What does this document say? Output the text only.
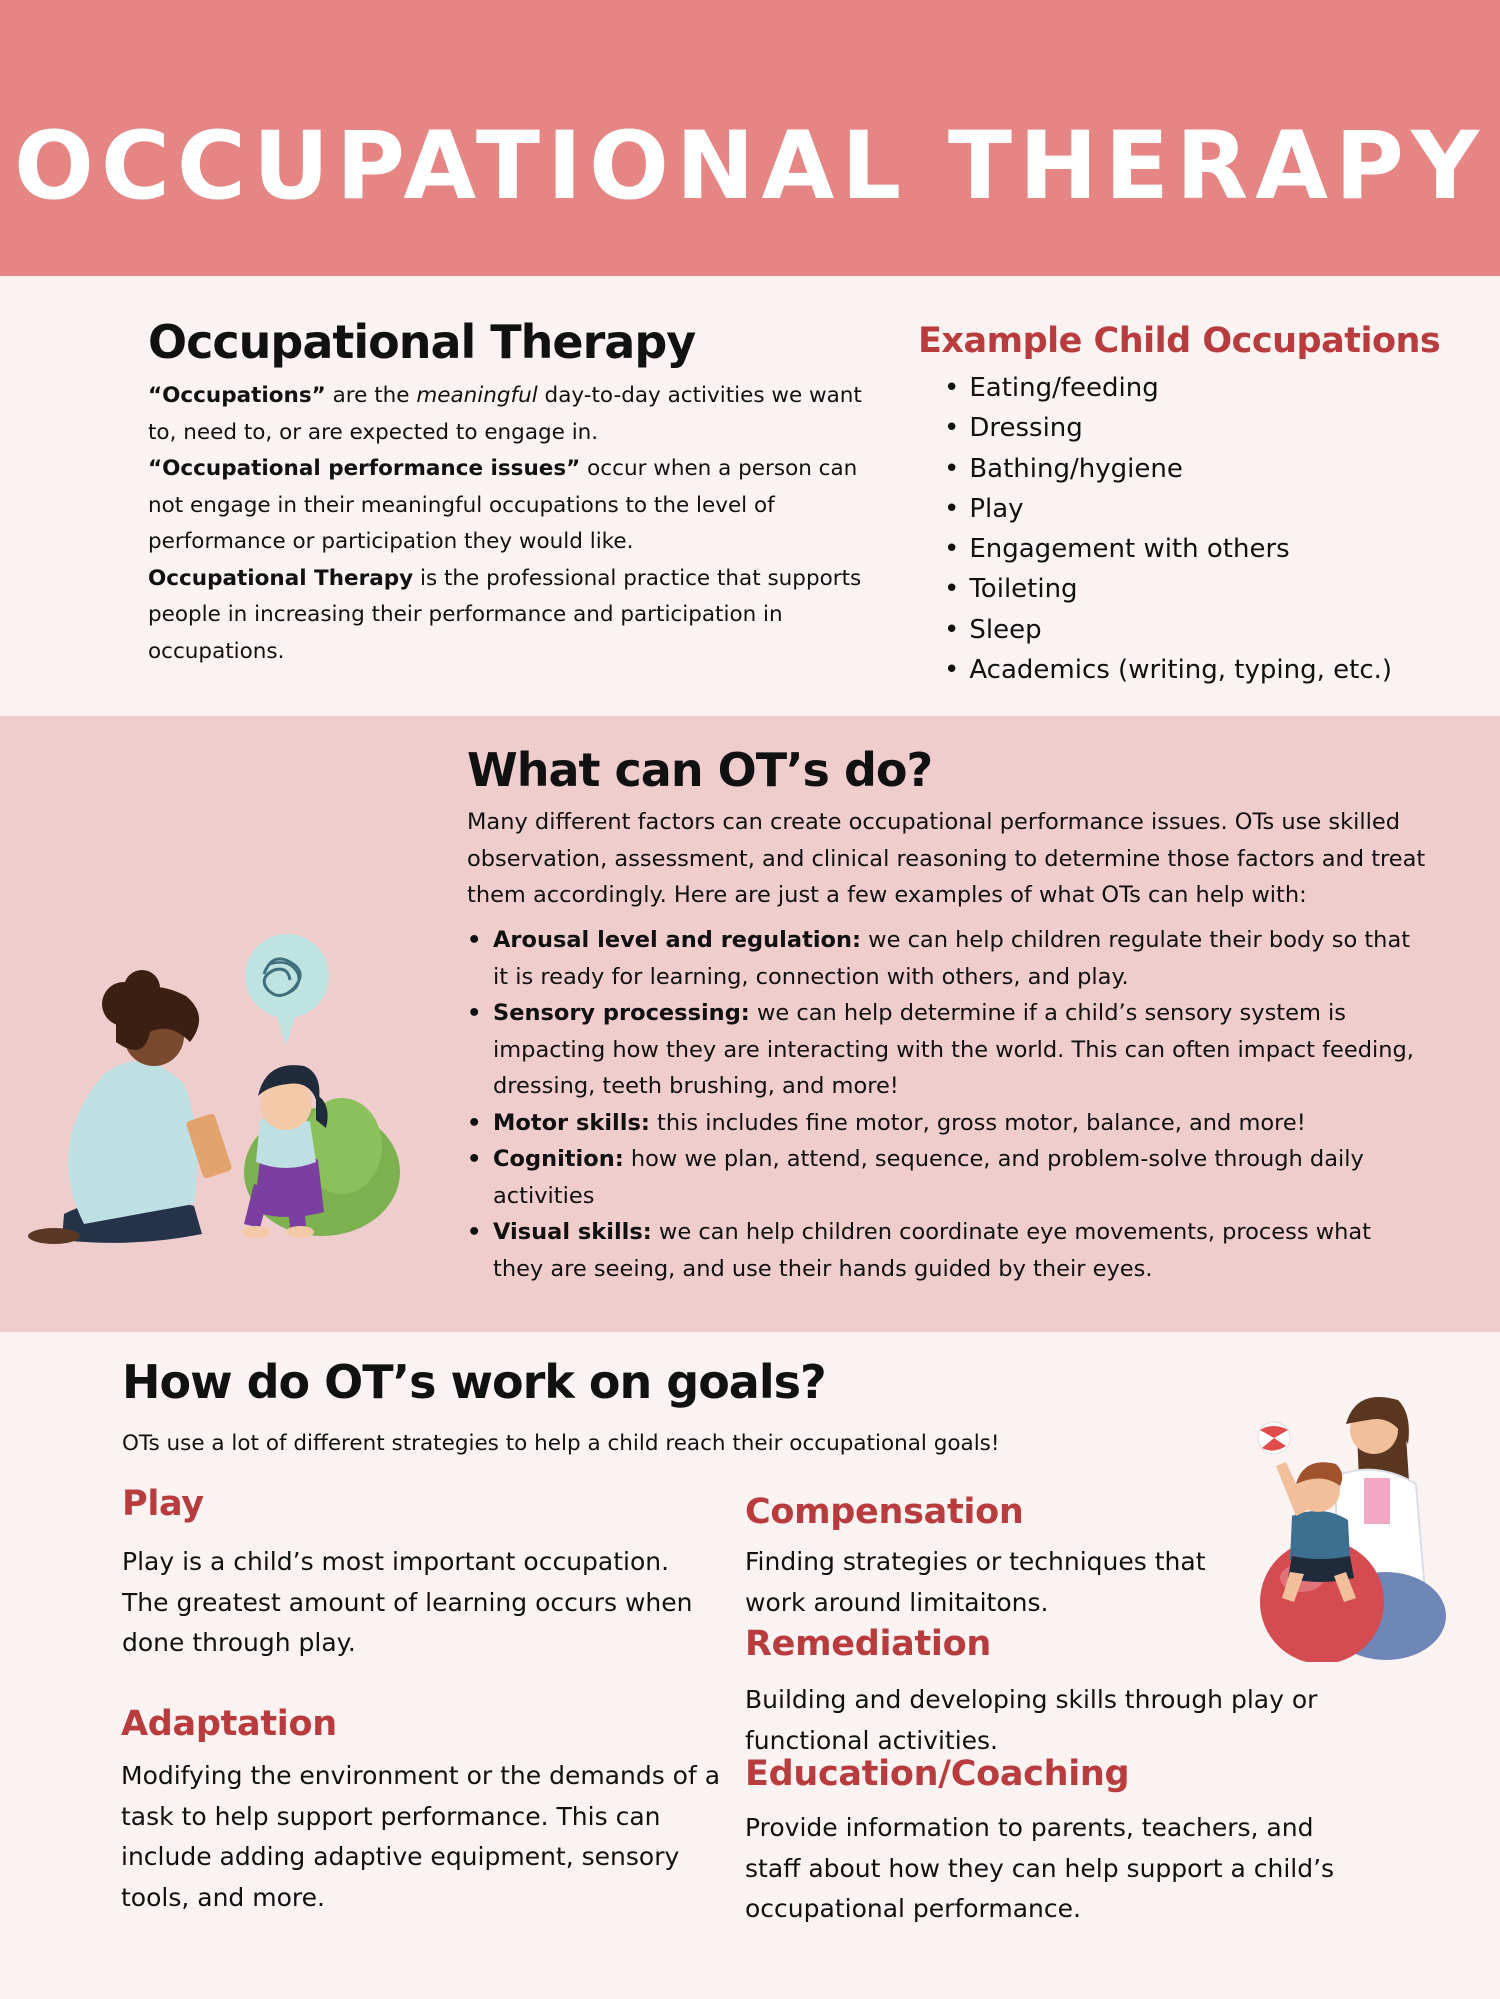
OCCUPATIONAL THERAPY
Occupational Therapy

“Occupations” are the meaningful day-to-day activities we want to, need to, or are expected to engage in.

“Occupational performance issues” occur when a person can not engage in their meaningful occupations to the level of performance or participation they would like.

Occupational Therapy is the professional practice that supports people in increasing their performance and participation in occupations.

Example Child Occupations
• Eating/feeding
• Dressing
• Bathing/hygiene
• Play
• Engagement with others
• Toileting
• Sleep
• Academics (writing, typing, etc.)
What can OT’s do?

Many different factors can create occupational performance issues. OTs use skilled observation, assessment, and clinical reasoning to determine those factors and treat them accordingly. Here are just a few examples of what OTs can help with:

• Arousal level and regulation: we can help children regulate their body so that it is ready for learning, connection with others, and play.
• Sensory processing: we can help determine if a child’s sensory system is impacting how they are interacting with the world. This can often impact feeding, dressing, teeth brushing, and more!
• Motor skills: this includes fine motor, gross motor, balance, and more!
• Cognition: how we plan, attend, sequence, and problem-solve through daily activities
• Visual skills: we can help children coordinate eye movements, process what they are seeing, and use their hands guided by their eyes.
How do OT’s work on goals?

OTs use a lot of different strategies to help a child reach their occupational goals!

Play

Play is a child’s most important occupation. The greatest amount of learning occurs when done through play.

Adaptation

Modifying the environment or the demands of a task to help support performance. This can include adding adaptive equipment, sensory tools, and more.

Compensation

Finding strategies or techniques that work around limitaitons.

Remediation

Building and developing skills through play or functional activities.

Education/Coaching

Provide information to parents, teachers, and staff about how they can help support a child’s occupational performance.
